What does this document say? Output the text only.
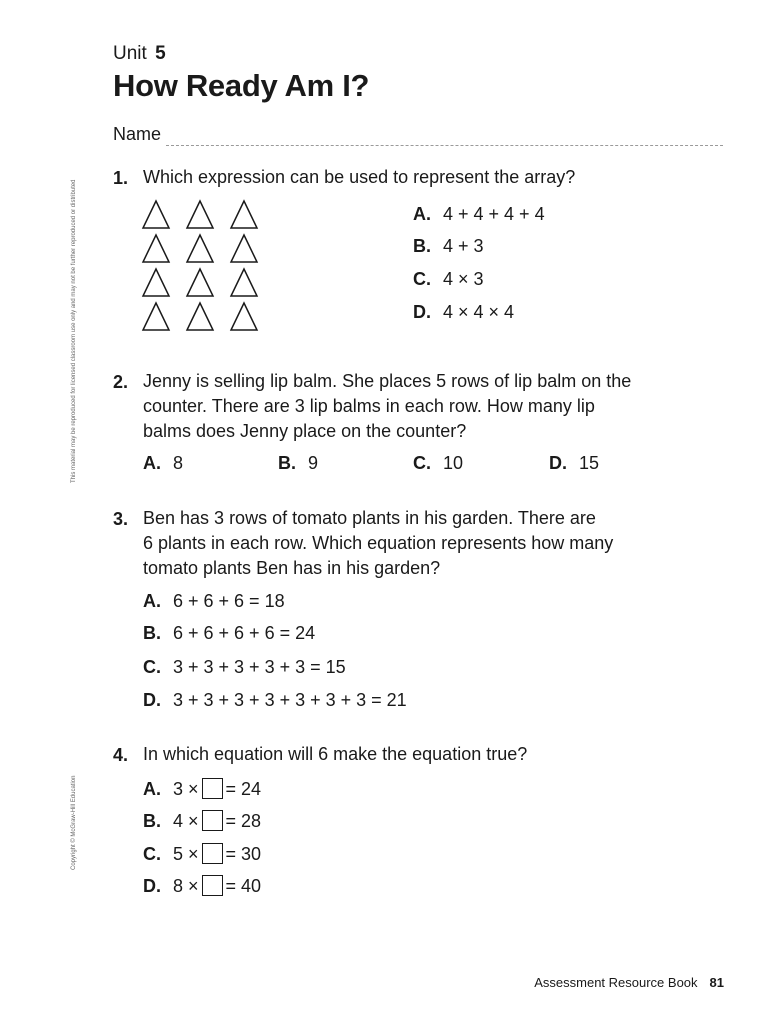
Unit 5
How Ready Am I?
Name
This material may be reproduced for licensed classroom use only and may not be further reproduced or distributed
Copyright © McGraw-Hill Education
1. Which expression can be used to represent the array?
A. 4 + 4 + 4 + 4
B. 4 + 3
C. 4 × 3
D. 4 × 4 × 4
2. Jenny is selling lip balm. She places 5 rows of lip balm on the
counter. There are 3 lip balms in each row. How many lip
balms does Jenny place on the counter?
A. 8	B. 9	C. 10	D. 15
3. Ben has 3 rows of tomato plants in his garden. There are
6 plants in each row. Which equation represents how many
tomato plants Ben has in his garden?
A. 6 + 6 + 6 = 18
B. 6 + 6 + 6 + 6 = 24
C. 3 + 3 + 3 + 3 + 3 = 15
D. 3 + 3 + 3 + 3 + 3 + 3 + 3 = 21
4. In which equation will 6 make the equation true?
A. 3 × = 24
B. 4 × = 28
C. 5 × = 30
D. 8 × = 40
Assessment Resource Book 81
